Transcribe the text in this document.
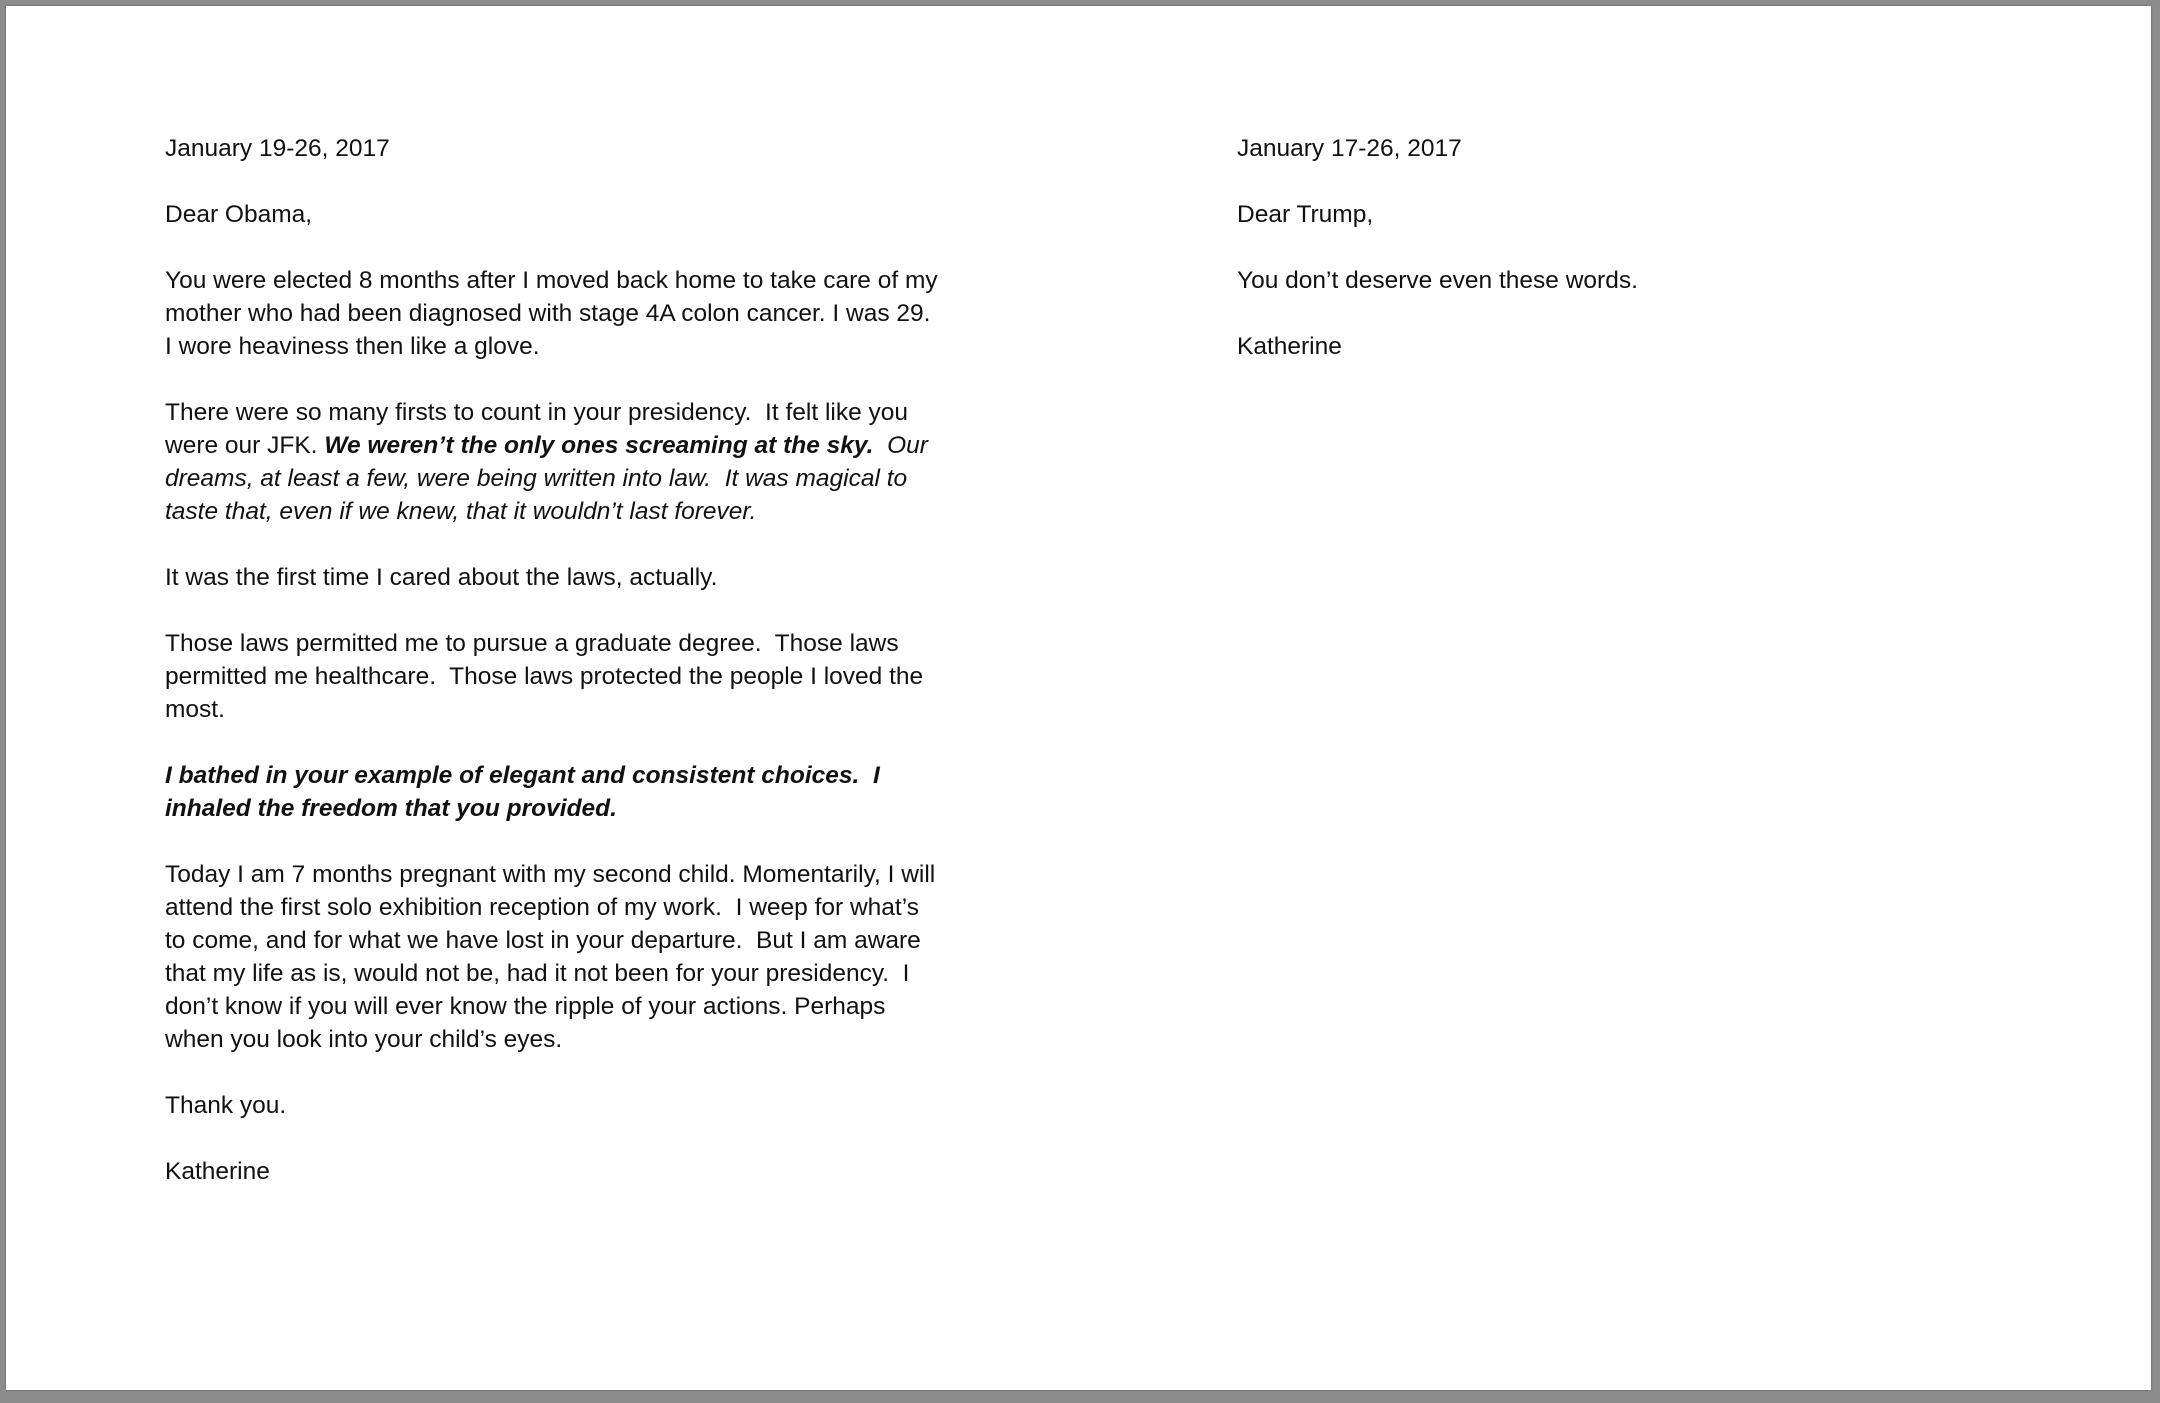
January 19-26, 2017

Dear Obama,

You were elected 8 months after I moved back home to take care of my mother who had been diagnosed with stage 4A colon cancer. I was 29.  I wore heaviness then like a glove.

There were so many firsts to count in your presidency.  It felt like you were our JFK. We weren’t the only ones screaming at the sky.  Our dreams, at least a few, were being written into law.  It was magical to taste that, even if we knew, that it wouldn’t last forever.

It was the first time I cared about the laws, actually.

Those laws permitted me to pursue a graduate degree.  Those laws permitted me healthcare.  Those laws protected the people I loved the most.

I bathed in your example of elegant and consistent choices.  I inhaled the freedom that you provided.

Today I am 7 months pregnant with my second child. Momentarily, I will attend the first solo exhibition reception of my work.  I weep for what’s to come, and for what we have lost in your departure.  But I am aware that my life as is, would not be, had it not been for your presidency.  I don’t know if you will ever know the ripple of your actions. Perhaps when you look into your child’s eyes.

Thank you.

Katherine

January 17-26, 2017

Dear Trump,

You don’t deserve even these words.

Katherine
